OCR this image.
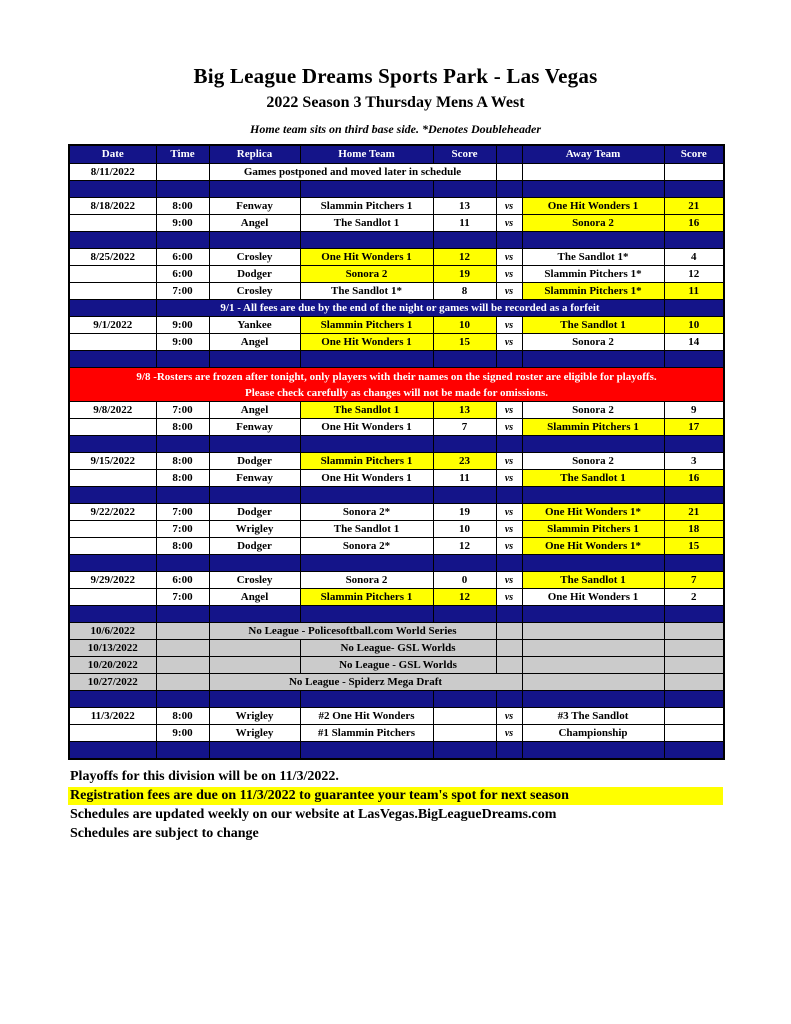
Big League Dreams Sports Park - Las Vegas
2022 Season 3 Thursday Mens A West
Home team sits on third base side. *Denotes Doubleheader
Date	Time	Replica	Home Team	Score		Away Team	Score
8/11/2022		Games postponed and moved later in schedule					

8/18/2022	8:00	Fenway	Slammin Pitchers 1	13	vs	One Hit Wonders 1	21
	9:00	Angel	The Sandlot 1	11	vs	Sonora 2	16

8/25/2022	6:00	Crosley	One Hit Wonders 1	12	vs	The Sandlot 1*	4
	6:00	Dodger	Sonora 2	19	vs	Slammin Pitchers 1*	12
	7:00	Crosley	The Sandlot 1*	8	vs	Slammin Pitchers 1*	11
	9/1 - All fees are due by the end of the night or games will be recorded as a forfeit						
9/1/2022	9:00	Yankee	Slammin Pitchers 1	10	vs	The Sandlot 1	10
	9:00	Angel	One Hit Wonders 1	15	vs	Sonora 2	14

9/8 -Rosters are frozen after tonight, only players with their names on the signed roster are eligible for playoffs.
Please check carefully as changes will not be made for omissions.							

9/8/2022	7:00	Angel	The Sandlot 1	13	vs	Sonora 2	9
	8:00	Fenway	One Hit Wonders 1	7	vs	Slammin Pitchers 1	17

9/15/2022	8:00	Dodger	Slammin Pitchers 1	23	vs	Sonora 2	3
	8:00	Fenway	One Hit Wonders 1	11	vs	The Sandlot 1	16

9/22/2022	7:00	Dodger	Sonora 2*	19	vs	One Hit Wonders 1*	21
	7:00	Wrigley	The Sandlot 1	10	vs	Slammin Pitchers 1	18
	8:00	Dodger	Sonora 2*	12	vs	One Hit Wonders 1*	15

9/29/2022	6:00	Crosley	Sonora 2	0	vs	The Sandlot 1	7
	7:00	Angel	Slammin Pitchers 1	12	vs	One Hit Wonders 1	2

10/6/2022		No League - Policesoftball.com World Series					
10/13/2022			No League- GSL Worlds				
10/20/2022			No League - GSL Worlds				
10/27/2022		No League - Spiderz Mega Draft					

11/3/2022	8:00	Wrigley	#2 One Hit Wonders		vs	#3 The Sandlot	
	9:00	Wrigley	#1 Slammin Pitchers		vs	Championship	

Playoffs for this division will be on 11/3/2022.
Registration fees are due on 11/3/2022 to guarantee your team's spot for next season
Schedules are updated weekly on our website at LasVegas.BigLeagueDreams.com
Schedules are subject to change
